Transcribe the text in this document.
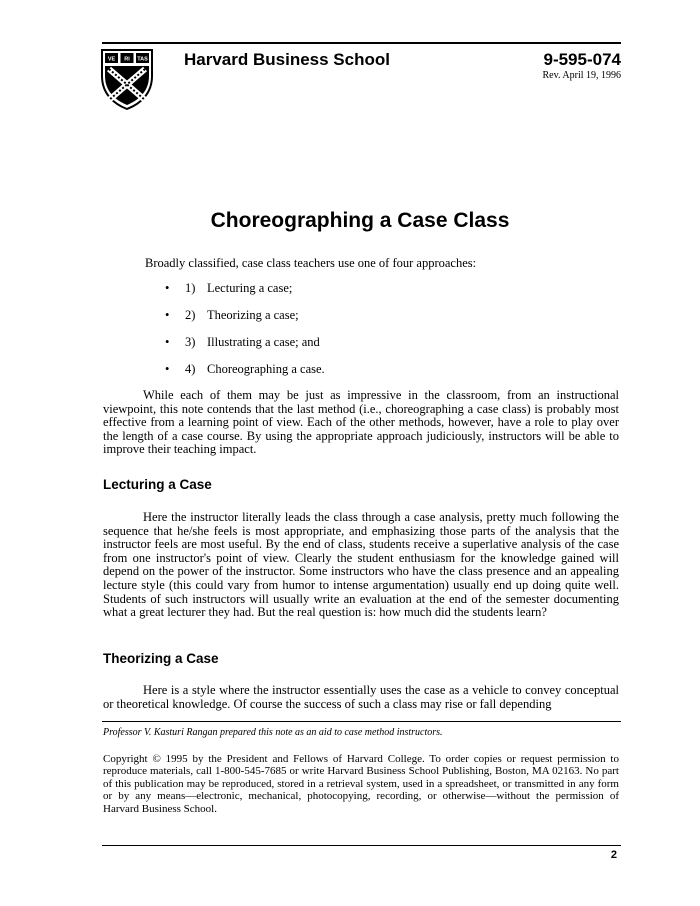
VE RI TAS Harvard Business School	9-595-074
Rev. April 19, 1996
Choreographing a Case Class
Broadly classified, case class teachers use one of four approaches:
• 1) Lecturing a case;
• 2) Theorizing a case;
• 3) Illustrating a case; and
• 4) Choreographing a case.

While each of them may be just as impressive in the classroom, from an instructional viewpoint, this note contends that the last method (i.e., choreographing a case class) is probably most effective from a learning point of view. Each of the other methods, however, have a role to play over the length of a case course. By using the appropriate approach judiciously, instructors will be able to improve their teaching impact.

Lecturing a Case

Here the instructor literally leads the class through a case analysis, pretty much following the sequence that he/she feels is most appropriate, and emphasizing those parts of the analysis that the instructor feels are most useful. By the end of class, students receive a superlative analysis of the case from one instructor's point of view. Clearly the student enthusiasm for the knowledge gained will depend on the power of the instructor. Some instructors who have the class presence and an appealing lecture style (this could vary from humor to intense argumentation) usually end up doing quite well. Students of such instructors will usually write an evaluation at the end of the semester documenting what a great lecturer they had. But the real question is: how much did the students learn?

Theorizing a Case

Here is a style where the instructor essentially uses the case as a vehicle to convey conceptual or theoretical knowledge. Of course the success of such a class may rise or fall depending

Professor V. Kasturi Rangan prepared this note as an aid to case method instructors.

Copyright © 1995 by the President and Fellows of Harvard College. To order copies or request permission to reproduce materials, call 1-800-545-7685 or write Harvard Business School Publishing, Boston, MA 02163. No part of this publication may be reproduced, stored in a retrieval system, used in a spreadsheet, or transmitted in any form or by any means—electronic, mechanical, photocopying, recording, or otherwise—without the permission of Harvard Business School.

2
